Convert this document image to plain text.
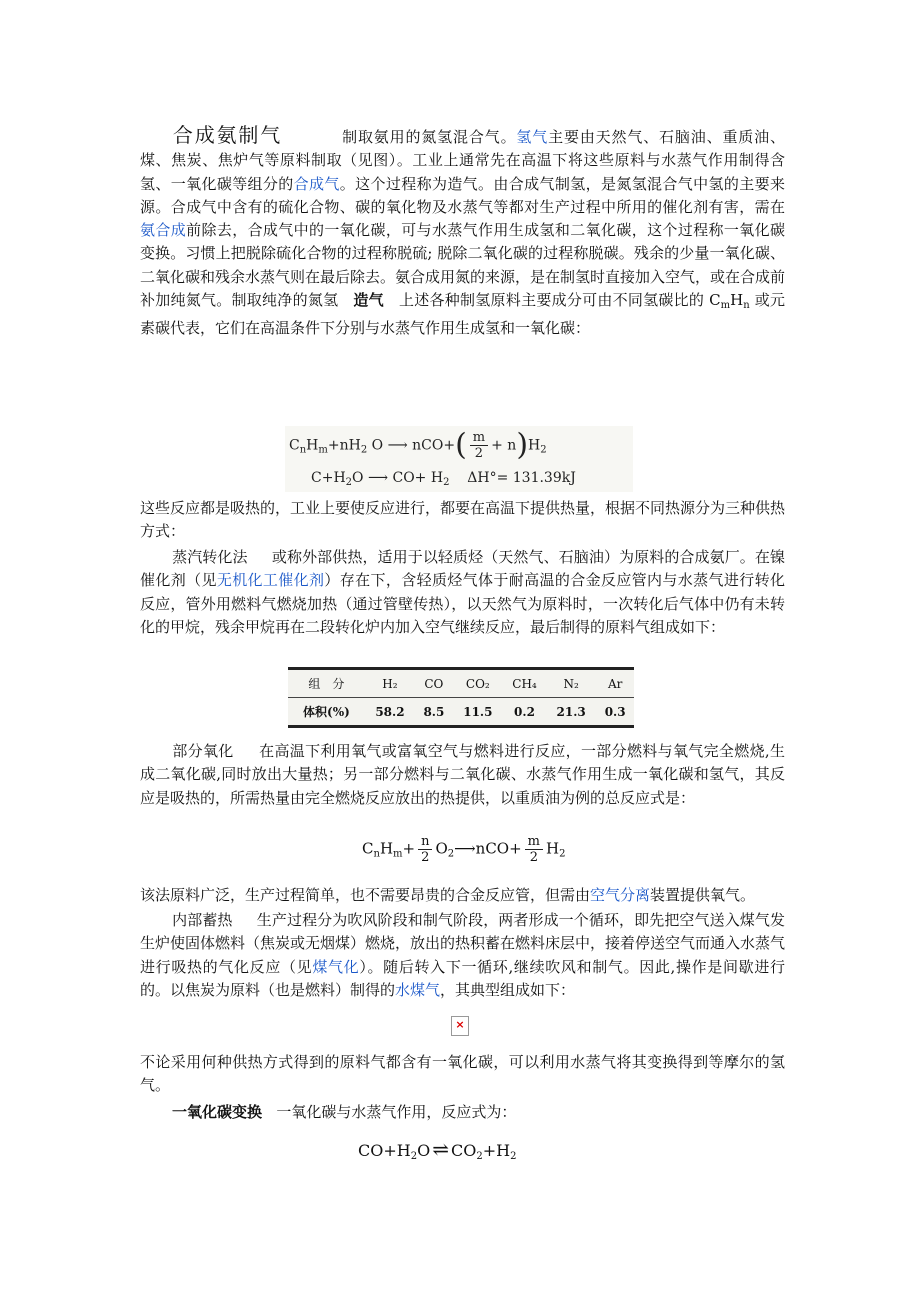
合成氨制气	制取氨用的氮氢混合气。氢气主要由天然气、石脑油、重质油、煤、焦炭、焦炉气等原料制取（见图）。工业上通常先在高温下将这些原料与水蒸气作用制得含氢、一氧化碳等组分的合成气。这个过程称为造气。由合成气制氢，是氮氢混合气中氢的主要来源。合成气中含有的硫化合物、碳的氧化物及水蒸气等都对生产过程中所用的催化剂有害，需在氨合成前除去，合成气中的一氧化碳，可与水蒸气作用生成氢和二氧化碳，这个过程称一氧化碳变换。习惯上把脱除硫化合物的过程称脱硫; 脱除二氧化碳的过程称脱碳。残余的少量一氧化碳、二氧化碳和残余水蒸气则在最后除去。氨合成用氮的来源，是在制氢时直接加入空气，或在合成前补加纯氮气。制取纯净的氮氢 造气 上述各种制氢原料主要成分可由不同氢碳比的 $C_mH_n$ 或元素碳代表，它们在高温条件下分别与水蒸气作用生成氢和一氧化碳：
$C_nH_m+nH_2$ O ⟶ $nCO+( \frac{m}{2} + n)H_2$
$C+H_2O$ ⟶ $CO+ H_2$ ΔH°= 131.39kJ
这些反应都是吸热的，工业上要使反应进行，都要在高温下提供热量，根据不同热源分为三种供热方式：
蒸汽转化法 或称外部供热，适用于以轻质烃（天然气、石脑油）为原料的合成氨厂。在镍催化剂（见无机化工催化剂）存在下，含轻质烃气体于耐高温的合金反应管内与水蒸气进行转化反应，管外用燃料气燃烧加热（通过管壁传热），以天然气为原料时，一次转化后气体中仍有未转化的甲烷，残余甲烷再在二段转化炉内加入空气继续反应，最后制得的原料气组成如下：
组　分	H₂	CO	CO₂	CH₄	N₂	Ar
体积(%)	58.2	8.5	11.5	0.2	21.3	0.3
部分氧化 在高温下利用氧气或富氧空气与燃料进行反应，一部分燃料与氧气完全燃烧,生成二氧化碳,同时放出大量热；另一部分燃料与二氧化碳、水蒸气作用生成一氧化碳和氢气，其反应是吸热的，所需热量由完全燃烧反应放出的热提供，以重质油为例的总反应式是：
$C_nH_m+ \frac{n}{2}$ $O_2⟶nCO+ \frac{m}{2} H_2$
该法原料广泛，生产过程简单，也不需要昂贵的合金反应管，但需由空气分离装置提供氧气。
内部蓄热 生产过程分为吹风阶段和制气阶段，两者形成一个循环，即先把空气送入煤气发生炉使固体燃料（焦炭或无烟煤）燃烧，放出的热积蓄在燃料床层中，接着停送空气而通入水蒸气进行吸热的气化反应（见煤气化）。随后转入下一循环,继续吹风和制气。因此,操作是间歇进行的。以焦炭为原料（也是燃料）制得的水煤气，其典型组成如下：
×
不论采用何种供热方式得到的原料气都含有一氧化碳，可以利用水蒸气将其变换得到等摩尔的氢气。
一氧化碳变换 一氧化碳与水蒸气作用，反应式为：
$CO+H_2O$ ⇌ $CO_2+H_2$
